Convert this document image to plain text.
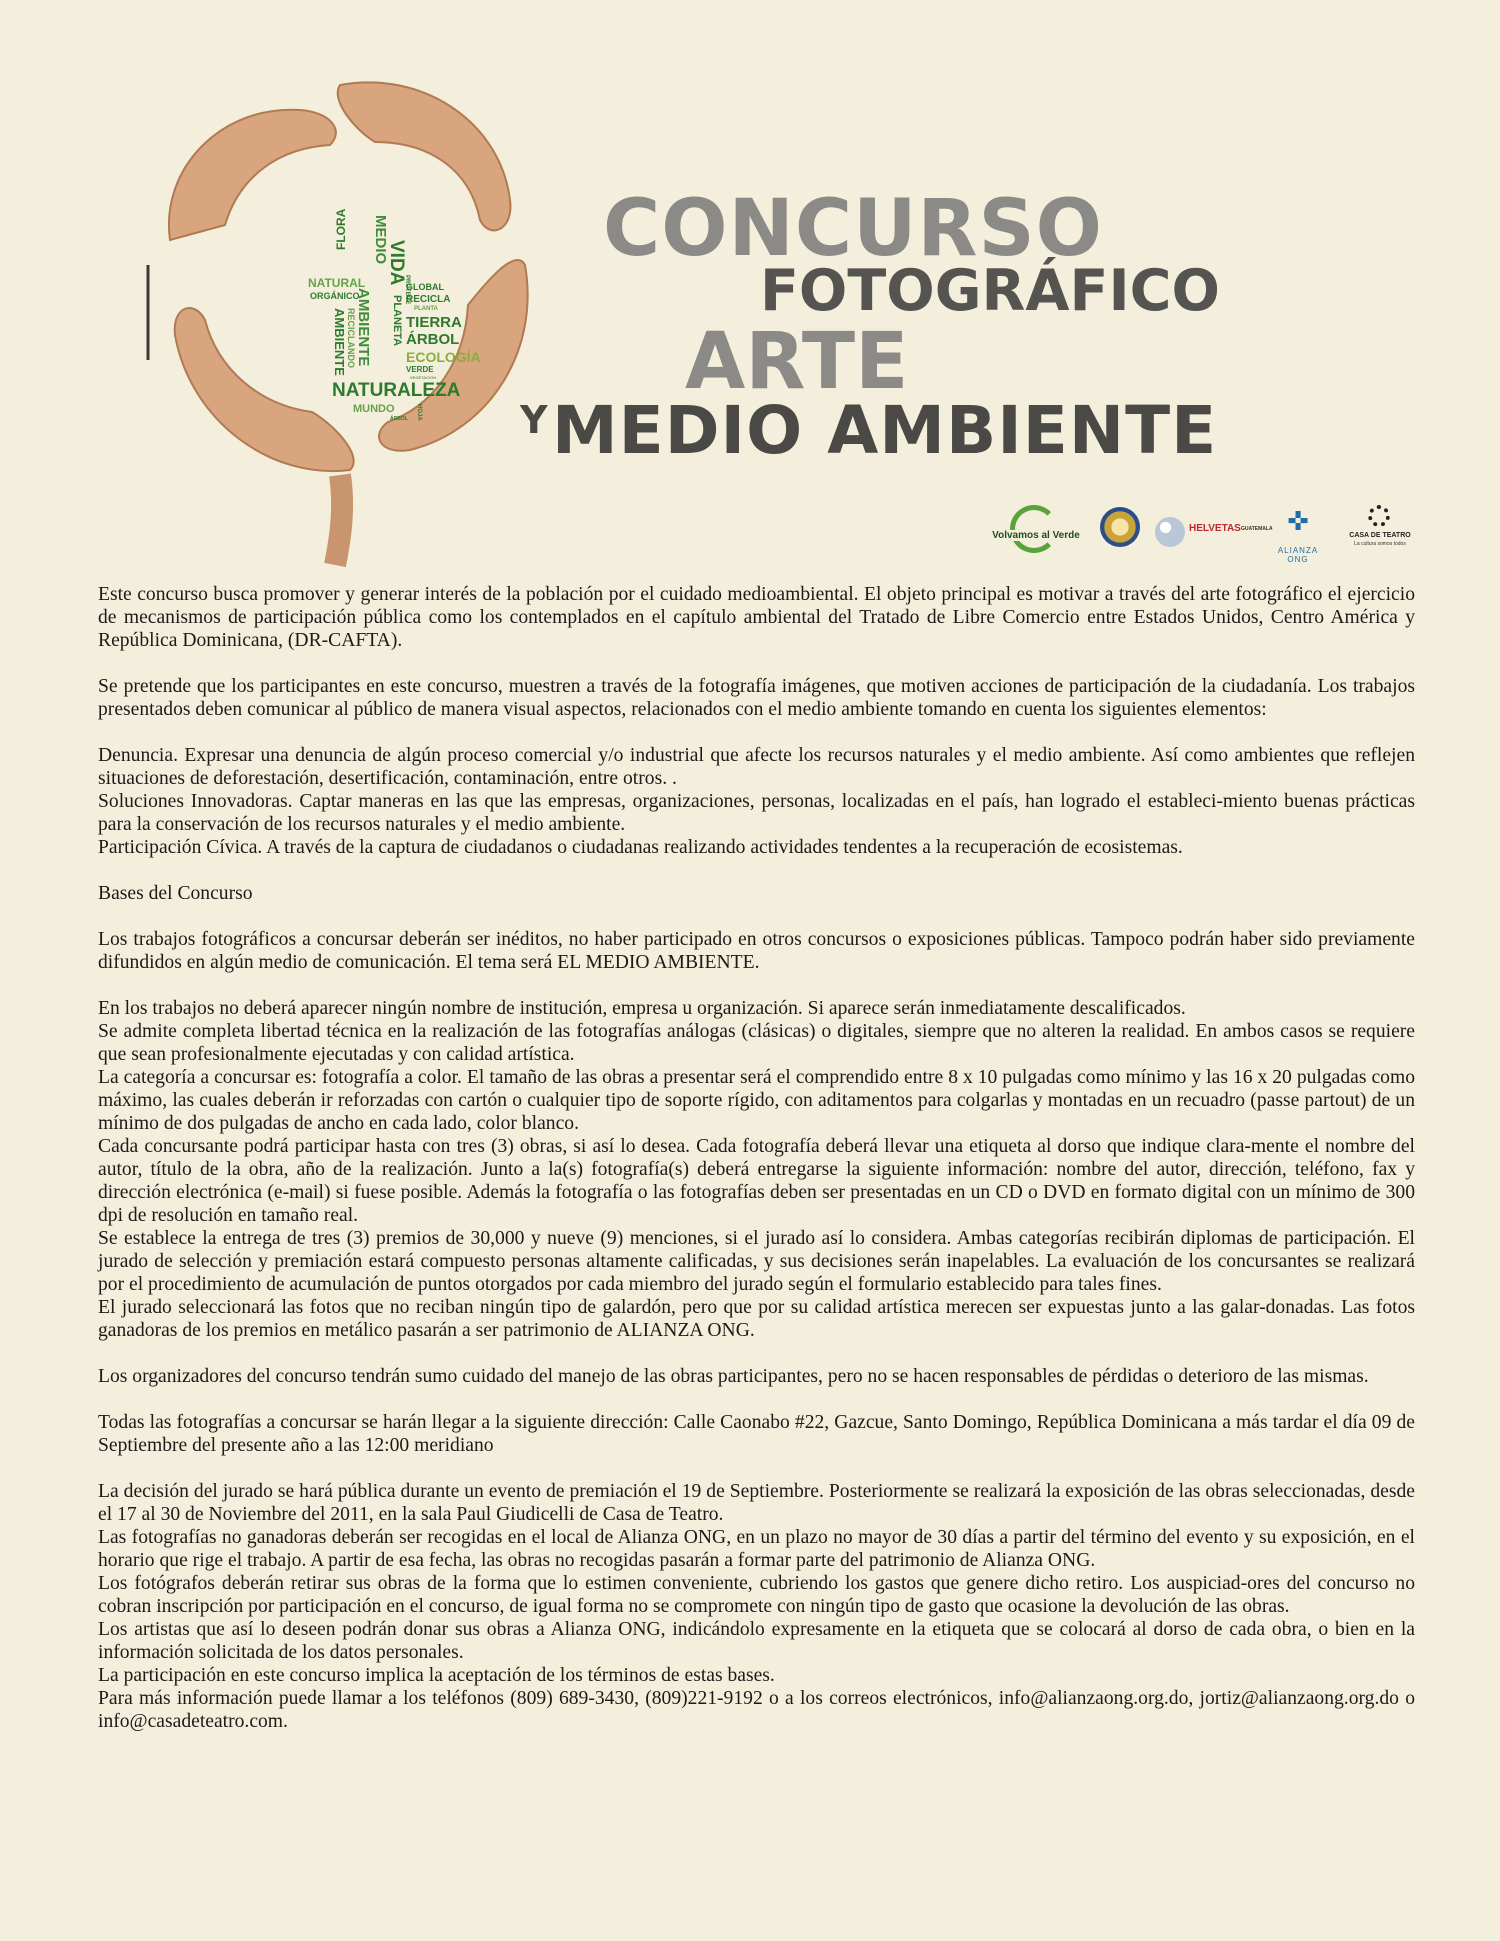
MEDIO
AMBIENTE
VIDA
FLORA
NATURAL
ORGÁNICO
AMBIENTE RECICLANDO	PLANETA
PROTEGE
GLOBAL
RECICLA
PLANTA
TIERRA
ÁRBOL
ECOLOGÍA
VERDE
VEGETACIÓN
NATURALEZA
MUNDO
ÁRBOL HOJA
CONCURSO
FOTOGRÁFICO
ARTE
Y MEDIO AMBIENTE
Volvamos al Verde
HELVETAS GUATEMALA ✜
ALIANZA ONG
CASA DE TEATRO
La cultura somos todos

Este concurso busca promover y generar interés de la población por el cuidado medioambiental. El objeto principal es motivar a través del arte fotográfico el ejercicio de mecanismos de participación pública como los contemplados en el capítulo ambiental del Tratado de Libre Comercio entre Estados Unidos, Centro América y República Dominicana, (DR-CAFTA).

Se pretende que los participantes en este concurso, muestren a través de la fotografía imágenes, que motiven acciones de participación de la ciudadanía. Los trabajos presentados deben comunicar al público de manera visual aspectos, relacionados con el medio ambiente tomando en cuenta los siguientes elementos:

Denuncia. Expresar una denuncia de algún proceso comercial y/o industrial que afecte los recursos naturales y el medio ambiente. Así como ambientes que reflejen situaciones de deforestación, desertificación, contaminación, entre otros. .

Soluciones Innovadoras. Captar maneras en las que las empresas, organizaciones, personas, localizadas en el país, han logrado el estableci-miento buenas prácticas para la conservación de los recursos naturales y el medio ambiente.

Participación Cívica. A través de la captura de ciudadanos o ciudadanas realizando actividades tendentes a la recuperación de ecosistemas.

Bases del Concurso

Los trabajos fotográficos a concursar deberán ser inéditos, no haber participado en otros concursos o exposiciones públicas. Tampoco podrán haber sido previamente difundidos en algún medio de comunicación. El tema será EL MEDIO AMBIENTE.

En los trabajos no deberá aparecer ningún nombre de institución, empresa u organización. Si aparece serán inmediatamente descalificados.

Se admite completa libertad técnica en la realización de las fotografías análogas (clásicas) o digitales, siempre que no alteren la realidad. En ambos casos se requiere que sean profesionalmente ejecutadas y con calidad artística.

La categoría a concursar es: fotografía a color. El tamaño de las obras a presentar será el comprendido entre 8 x 10 pulgadas como mínimo y las 16 x 20 pulgadas como máximo, las cuales deberán ir reforzadas con cartón o cualquier tipo de soporte rígido, con aditamentos para colgarlas y montadas en un recuadro (passe partout) de un mínimo de dos pulgadas de ancho en cada lado, color blanco.

Cada concursante podrá participar hasta con tres (3) obras, si así lo desea. Cada fotografía deberá llevar una etiqueta al dorso que indique clara-mente el nombre del autor, título de la obra, año de la realización. Junto a la(s) fotografía(s) deberá entregarse la siguiente información: nombre del autor, dirección, teléfono, fax y dirección electrónica (e-mail) si fuese posible. Además la fotografía o las fotografías deben ser presentadas en un CD o DVD en formato digital con un mínimo de 300 dpi de resolución en tamaño real.

Se establece la entrega de tres (3) premios de 30,000 y nueve (9) menciones, si el jurado así lo considera. Ambas categorías recibirán diplomas de participación. El jurado de selección y premiación estará compuesto personas altamente calificadas, y sus decisiones serán inapelables. La evaluación de los concursantes se realizará por el procedimiento de acumulación de puntos otorgados por cada miembro del jurado según el formulario establecido para tales fines.

El jurado seleccionará las fotos que no reciban ningún tipo de galardón, pero que por su calidad artística merecen ser expuestas junto a las galar-donadas. Las fotos ganadoras de los premios en metálico pasarán a ser patrimonio de ALIANZA ONG.

Los organizadores del concurso tendrán sumo cuidado del manejo de las obras participantes, pero no se hacen responsables de pérdidas o deterioro de las mismas.

Todas las fotografías a concursar se harán llegar a la siguiente dirección: Calle Caonabo #22, Gazcue, Santo Domingo, República Dominicana a más tardar el día 09 de Septiembre del presente año a las 12:00 meridiano

La decisión del jurado se hará pública durante un evento de premiación el 19 de Septiembre. Posteriormente se realizará la exposición de las obras seleccionadas, desde el 17 al 30 de Noviembre del 2011, en la sala Paul Giudicelli de Casa de Teatro.

Las fotografías no ganadoras deberán ser recogidas en el local de Alianza ONG, en un plazo no mayor de 30 días a partir del término del evento y su exposición, en el horario que rige el trabajo. A partir de esa fecha, las obras no recogidas pasarán a formar parte del patrimonio de Alianza ONG.

Los fotógrafos deberán retirar sus obras de la forma que lo estimen conveniente, cubriendo los gastos que genere dicho retiro. Los auspiciad-ores del concurso no cobran inscripción por participación en el concurso, de igual forma no se compromete con ningún tipo de gasto que ocasione la devolución de las obras.

Los artistas que así lo deseen podrán donar sus obras a Alianza ONG, indicándolo expresamente en la etiqueta que se colocará al dorso de cada obra, o bien en la información solicitada de los datos personales.

La participación en este concurso implica la aceptación de los términos de estas bases.

Para más información puede llamar a los teléfonos (809) 689-3430, (809)221-9192 o a los correos electrónicos, info@alianzaong.org.do, jortiz@alianzaong.org.do o info@casadeteatro.com.
